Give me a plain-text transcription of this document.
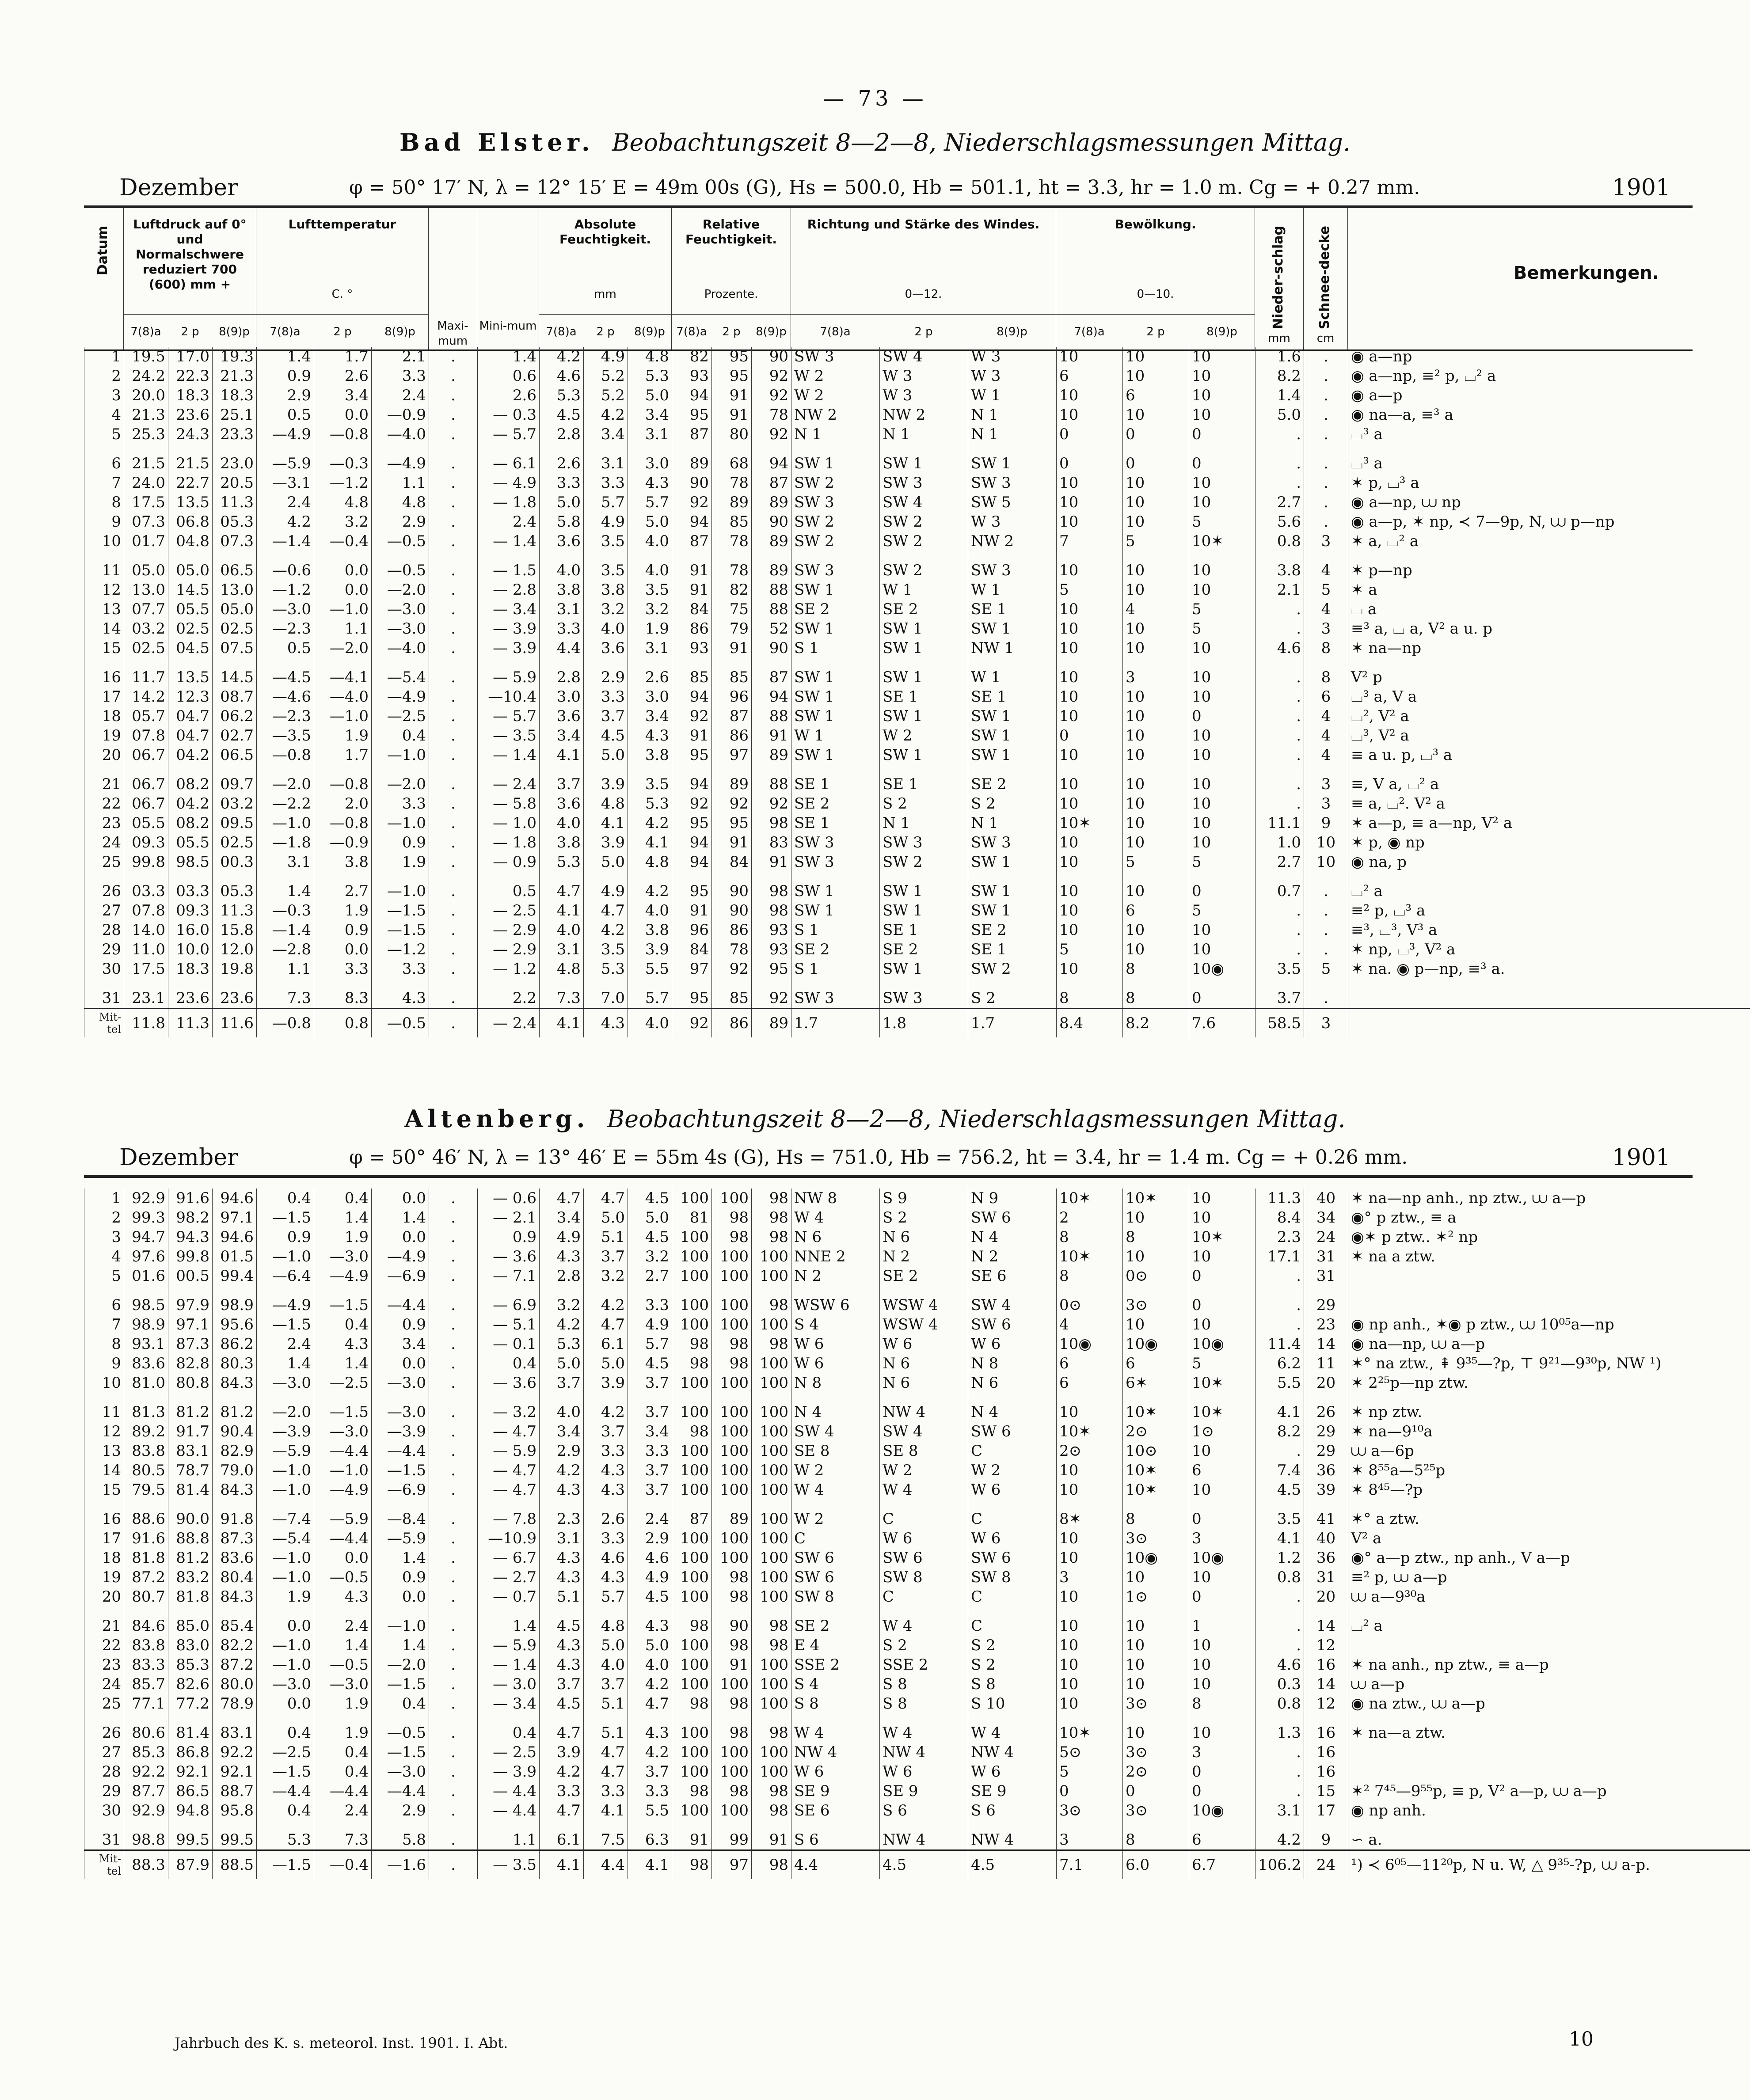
— 73 —
Bad Elster. Beobachtungszeit 8—2—8, Niederschlagsmessungen Mittag.
Dezember	φ = 50° 17′ N, λ = 12° 15′ E = 49m 00s (G), Hs = 500.0, Hb = 501.1, ht = 3.3, hr = 1.0 m. Cg = + 0.27 mm.	1901
Datum
Luftdruck auf 0° und Normalschwere reduziert 700 (600) mm +
7(8)a	2 p	8(9)p
Lufttemperatur
C. °
7(8)a	2 p	8(9)p	Maxi-mum
Mini-mum
Absolute Feuchtigkeit.
mm
7(8)a	2 p	8(9)p
Relative Feuchtigkeit.
Prozente.
7(8)a	2 p	8(9)p
Richtung und Stärke des Windes.
0—12.
7(8)a	2 p	8(9)p
Bewölkung.
0—10.
7(8)a	2 p	8(9)p
Nieder-schlag
mm
Schnee-decke
cm
Bemerkungen.
1	19.5	17.0	19.3	1.4	1.7	2.1	.	1.4	4.2	4.9	4.8	82	95	90	SW 3	SW 4	W 3	10	10	10	1.6	.	◉ a—np
2	24.2	22.3	21.3	0.9	2.6	3.3	.	0.6	4.6	5.2	5.3	93	95	92	W 2	W 3	W 3	6	10	10	8.2	.	◉ a—np, ≡² p, ⌴² a
3	20.0	18.3	18.3	2.9	3.4	2.4	.	2.6	5.3	5.2	5.0	94	91	92	W 2	W 3	W 1	10	6	10	1.4	.	◉ a—p
4	21.3	23.6	25.1	0.5	0.0	—0.9	.	— 0.3	4.5	4.2	3.4	95	91	78	NW 2	NW 2	N 1	10	10	10	5.0	.	◉ na—a, ≡³ a
5	25.3	24.3	23.3	—4.9	—0.8	—4.0	.	— 5.7	2.8	3.4	3.1	87	80	92	N 1	N 1	N 1	0	0	0	.	.	⌴³ a

6	21.5	21.5	23.0	—5.9	—0.3	—4.9	.	— 6.1	2.6	3.1	3.0	89	68	94	SW 1	SW 1	SW 1	0	0	0	.	.	⌴³ a
7	24.0	22.7	20.5	—3.1	—1.2	1.1	.	— 4.9	3.3	3.3	4.3	90	78	87	SW 2	SW 3	SW 3	10	10	10	.	.	✶ p, ⌴³ a
8	17.5	13.5	11.3	2.4	4.8	4.8	.	— 1.8	5.0	5.7	5.7	92	89	89	SW 3	SW 4	SW 5	10	10	10	2.7	.	◉ a—np, ⩊ np
9	07.3	06.8	05.3	4.2	3.2	2.9	.	2.4	5.8	4.9	5.0	94	85	90	SW 2	SW 2	W 3	10	10	5	5.6	.	◉ a—p, ✶ np, ≺ 7—9p, N, ⩊ p—np
10	01.7	04.8	07.3	—1.4	—0.4	—0.5	.	— 1.4	3.6	3.5	4.0	87	78	89	SW 2	SW 2	NW 2	7	5	10✶	0.8	3	✶ a, ⌴² a

11	05.0	05.0	06.5	—0.6	0.0	—0.5	.	— 1.5	4.0	3.5	4.0	91	78	89	SW 3	SW 2	SW 3	10	10	10	3.8	4	✶ p—np
12	13.0	14.5	13.0	—1.2	0.0	—2.0	.	— 2.8	3.8	3.8	3.5	91	82	88	SW 1	W 1	W 1	5	10	10	2.1	5	✶ a
13	07.7	05.5	05.0	—3.0	—1.0	—3.0	.	— 3.4	3.1	3.2	3.2	84	75	88	SE 2	SE 2	SE 1	10	4	5	.	4	⌴ a
14	03.2	02.5	02.5	—2.3	1.1	—3.0	.	— 3.9	3.3	4.0	1.9	86	79	52	SW 1	SW 1	SW 1	10	10	5	.	3	≡³ a, ⌴ a, V² a u. p
15	02.5	04.5	07.5	0.5	—2.0	—4.0	.	— 3.9	4.4	3.6	3.1	93	91	90	S 1	SW 1	NW 1	10	10	10	4.6	8	✶ na—np

16	11.7	13.5	14.5	—4.5	—4.1	—5.4	.	— 5.9	2.8	2.9	2.6	85	85	87	SW 1	SW 1	W 1	10	3	10	.	8	V² p
17	14.2	12.3	08.7	—4.6	—4.0	—4.9	.	—10.4	3.0	3.3	3.0	94	96	94	SW 1	SE 1	SE 1	10	10	10	.	6	⌴³ a, V a
18	05.7	04.7	06.2	—2.3	—1.0	—2.5	.	— 5.7	3.6	3.7	3.4	92	87	88	SW 1	SW 1	SW 1	10	10	0	.	4	⌴², V² a
19	07.8	04.7	02.7	—3.5	1.9	0.4	.	— 3.5	3.4	4.5	4.3	91	86	91	W 1	W 2	SW 1	0	10	10	.	4	⌴³, V² a
20	06.7	04.2	06.5	—0.8	1.7	—1.0	.	— 1.4	4.1	5.0	3.8	95	97	89	SW 1	SW 1	SW 1	10	10	10	.	4	≡ a u. p, ⌴³ a

21	06.7	08.2	09.7	—2.0	—0.8	—2.0	.	— 2.4	3.7	3.9	3.5	94	89	88	SE 1	SE 1	SE 2	10	10	10	.	3	≡, V a, ⌴² a
22	06.7	04.2	03.2	—2.2	2.0	3.3	.	— 5.8	3.6	4.8	5.3	92	92	92	SE 2	S 2	S 2	10	10	10	.	3	≡ a, ⌴². V² a
23	05.5	08.2	09.5	—1.0	—0.8	—1.0	.	— 1.0	4.0	4.1	4.2	95	95	98	SE 1	N 1	N 1	10✶	10	10	11.1	9	✶ a—p, ≡ a—np, V² a
24	09.3	05.5	02.5	—1.8	—0.9	0.9	.	— 1.8	3.8	3.9	4.1	94	91	83	SW 3	SW 3	SW 3	10	10	10	1.0	10	✶ p, ◉ np
25	99.8	98.5	00.3	3.1	3.8	1.9	.	— 0.9	5.3	5.0	4.8	94	84	91	SW 3	SW 2	SW 1	10	5	5	2.7	10	◉ na, p

26	03.3	03.3	05.3	1.4	2.7	—1.0	.	0.5	4.7	4.9	4.2	95	90	98	SW 1	SW 1	SW 1	10	10	0	0.7	.	⌴² a
27	07.8	09.3	11.3	—0.3	1.9	—1.5	.	— 2.5	4.1	4.7	4.0	91	90	98	SW 1	SW 1	SW 1	10	6	5	.	.	≡² p, ⌴³ a
28	14.0	16.0	15.8	—1.4	0.9	—1.5	.	— 2.9	4.0	4.2	3.8	96	86	93	S 1	SE 1	SE 2	10	10	10	.	.	≡³, ⌴³, V³ a
29	11.0	10.0	12.0	—2.8	0.0	—1.2	.	— 2.9	3.1	3.5	3.9	84	78	93	SE 2	SE 2	SE 1	5	10	10	.	.	✶ np, ⌴³, V² a
30	17.5	18.3	19.8	1.1	3.3	3.3	.	— 1.2	4.8	5.3	5.5	97	92	95	S 1	SW 1	SW 2	10	8	10◉	3.5	5	✶ na. ◉ p—np, ≡³ a.

31	23.1	23.6	23.6	7.3	8.3	4.3	.	2.2	7.3	7.0	5.7	95	85	92	SW 3	SW 3	S 2	8	8	0	3.7	.	
Mit-tel	11.8	11.3	11.6	—0.8	0.8	—0.5	.	— 2.4	4.1	4.3	4.0	92	86	89	1.7	1.8	1.7	8.4	8.2	7.6	58.5	3	
Altenberg. Beobachtungszeit 8—2—8, Niederschlagsmessungen Mittag.
Dezember	φ = 50° 46′ N, λ = 13° 46′ E = 55m 4s (G), Hs = 751.0, Hb = 756.2, ht = 3.4, hr = 1.4 m. Cg = + 0.26 mm.	1901
1	92.9	91.6	94.6	0.4	0.4	0.0	.	— 0.6	4.7	4.7	4.5	100	100	98	NW 8	S 9	N 9	10✶	10✶	10	11.3	40	✶ na—np anh., np ztw., ⩊ a—p
2	99.3	98.2	97.1	—1.5	1.4	1.4	.	— 2.1	3.4	5.0	5.0	81	98	98	W 4	S 2	SW 6	2	10	10	8.4	34	◉° p ztw., ≡ a
3	94.7	94.3	94.6	0.9	1.9	0.0	.	0.9	4.9	5.1	4.5	100	98	98	N 6	N 6	N 4	8	8	10✶	2.3	24	◉✶ p ztw.. ✶² np
4	97.6	99.8	01.5	—1.0	—3.0	—4.9	.	— 3.6	4.3	3.7	3.2	100	100	100	NNE 2	N 2	N 2	10✶	10	10	17.1	31	✶ na a ztw.
5	01.6	00.5	99.4	—6.4	—4.9	—6.9	.	— 7.1	2.8	3.2	2.7	100	100	100	N 2	SE 2	SE 6	8	0⊙	0	.	31	

6	98.5	97.9	98.9	—4.9	—1.5	—4.4	.	— 6.9	3.2	4.2	3.3	100	100	98	WSW 6	WSW 4	SW 4	0⊙	3⊙	0	.	29	
7	98.9	97.1	95.6	—1.5	0.4	0.9	.	— 5.1	4.2	4.7	4.9	100	100	100	S 4	WSW 4	SW 6	4	10	10	.	23	◉ np anh., ✶◉ p ztw., ⩊ 10⁰⁵a—np
8	93.1	87.3	86.2	2.4	4.3	3.4	.	— 0.1	5.3	6.1	5.7	98	98	98	W 6	W 6	W 6	10◉	10◉	10◉	11.4	14	◉ na—np, ⩊ a—p
9	83.6	82.8	80.3	1.4	1.4	0.0	.	0.4	5.0	5.0	4.5	98	98	100	W 6	N 6	N 8	6	6	5	6.2	11	✶° na ztw., ⇞ 9³⁵—?p, ⊤ 9²¹—9³⁰p, NW ¹)
10	81.0	80.8	84.3	—3.0	—2.5	—3.0	.	— 3.6	3.7	3.9	3.7	100	100	100	N 8	N 6	N 6	6	6✶	10✶	5.5	20	✶ 2²⁵p—np ztw.

11	81.3	81.2	81.2	—2.0	—1.5	—3.0	.	— 3.2	4.0	4.2	3.7	100	100	100	N 4	NW 4	N 4	10	10✶	10✶	4.1	26	✶ np ztw.
12	89.2	91.7	90.4	—3.9	—3.0	—3.9	.	— 4.7	3.4	3.7	3.4	98	100	100	SW 4	SW 4	SW 6	10✶	2⊙	1⊙	8.2	29	✶ na—9¹⁰a
13	83.8	83.1	82.9	—5.9	—4.4	—4.4	.	— 5.9	2.9	3.3	3.3	100	100	100	SE 8	SE 8	C	2⊙	10⊙	10	.	29	⩊ a—6p
14	80.5	78.7	79.0	—1.0	—1.0	—1.5	.	— 4.7	4.2	4.3	3.7	100	100	100	W 2	W 2	W 2	10	10✶	6	7.4	36	✶ 8⁵⁵a—5²⁵p
15	79.5	81.4	84.3	—1.0	—4.9	—6.9	.	— 4.7	4.3	4.3	3.7	100	100	100	W 4	W 4	W 6	10	10✶	10	4.5	39	✶ 8⁴⁵—?p

16	88.6	90.0	91.8	—7.4	—5.9	—8.4	.	— 7.8	2.3	2.6	2.4	87	89	100	W 2	C	C	8✶	8	0	3.5	41	✶° a ztw.
17	91.6	88.8	87.3	—5.4	—4.4	—5.9	.	—10.9	3.1	3.3	2.9	100	100	100	C	W 6	W 6	10	3⊙	3	4.1	40	V² a
18	81.8	81.2	83.6	—1.0	0.0	1.4	.	— 6.7	4.3	4.6	4.6	100	100	100	SW 6	SW 6	SW 6	10	10◉	10◉	1.2	36	◉° a—p ztw., np anh., V a—p
19	87.2	83.2	80.4	—1.0	—0.5	0.9	.	— 2.7	4.3	4.3	4.9	100	98	100	SW 6	SW 8	SW 8	3	10	10	0.8	31	≡² p, ⩊ a—p
20	80.7	81.8	84.3	1.9	4.3	0.0	.	— 0.7	5.1	5.7	4.5	100	98	100	SW 8	C	C	10	1⊙	0	.	20	⩊ a—9³⁰a

21	84.6	85.0	85.4	0.0	2.4	—1.0	.	1.4	4.5	4.8	4.3	98	90	98	SE 2	W 4	C	10	10	1	.	14	⌴² a
22	83.8	83.0	82.2	—1.0	1.4	1.4	.	— 5.9	4.3	5.0	5.0	100	98	98	E 4	S 2	S 2	10	10	10	.	12	
23	83.3	85.3	87.2	—1.0	—0.5	—2.0	.	— 1.4	4.3	4.0	4.0	100	91	100	SSE 2	SSE 2	S 2	10	10	10	4.6	16	✶ na anh., np ztw., ≡ a—p
24	85.7	82.6	80.0	—3.0	—3.0	—1.5	.	— 3.0	3.7	3.7	4.2	100	100	100	S 4	S 8	S 8	10	10	10	0.3	14	⩊ a—p
25	77.1	77.2	78.9	0.0	1.9	0.4	.	— 3.4	4.5	5.1	4.7	98	98	100	S 8	S 8	S 10	10	3⊙	8	0.8	12	◉ na ztw., ⩊ a—p

26	80.6	81.4	83.1	0.4	1.9	—0.5	.	0.4	4.7	5.1	4.3	100	98	98	W 4	W 4	W 4	10✶	10	10	1.3	16	✶ na—a ztw.
27	85.3	86.8	92.2	—2.5	0.4	—1.5	.	— 2.5	3.9	4.7	4.2	100	100	100	NW 4	NW 4	NW 4	5⊙	3⊙	3	.	16	
28	92.2	92.1	92.1	—1.5	0.4	—3.0	.	— 3.9	4.2	4.7	3.7	100	100	100	W 6	W 6	W 6	5	2⊙	0	.	16	
29	87.7	86.5	88.7	—4.4	—4.4	—4.4	.	— 4.4	3.3	3.3	3.3	98	98	98	SE 9	SE 9	SE 9	0	0	0	.	15	✶² 7⁴⁵—9⁵⁵p, ≡ p, V² a—p, ⩊ a—p
30	92.9	94.8	95.8	0.4	2.4	2.9	.	— 4.4	4.7	4.1	5.5	100	100	98	SE 6	S 6	S 6	3⊙	3⊙	10◉	3.1	17	◉ np anh.

31	98.8	99.5	99.5	5.3	7.3	5.8	.	1.1	6.1	7.5	6.3	91	99	91	S 6	NW 4	NW 4	3	8	6	4.2	9	∽ a.
Mit-tel	88.3	87.9	88.5	—1.5	—0.4	—1.6	.	— 3.5	4.1	4.4	4.1	98	97	98	4.4	4.5	4.5	7.1	6.0	6.7	106.2	24	¹) ≺ 6⁰⁵—11²⁰p, N u. W, △ 9³⁵-?p, ⩊ a-p.
Jahrbuch des K. s. meteorol. Inst. 1901. I. Abt.	10
